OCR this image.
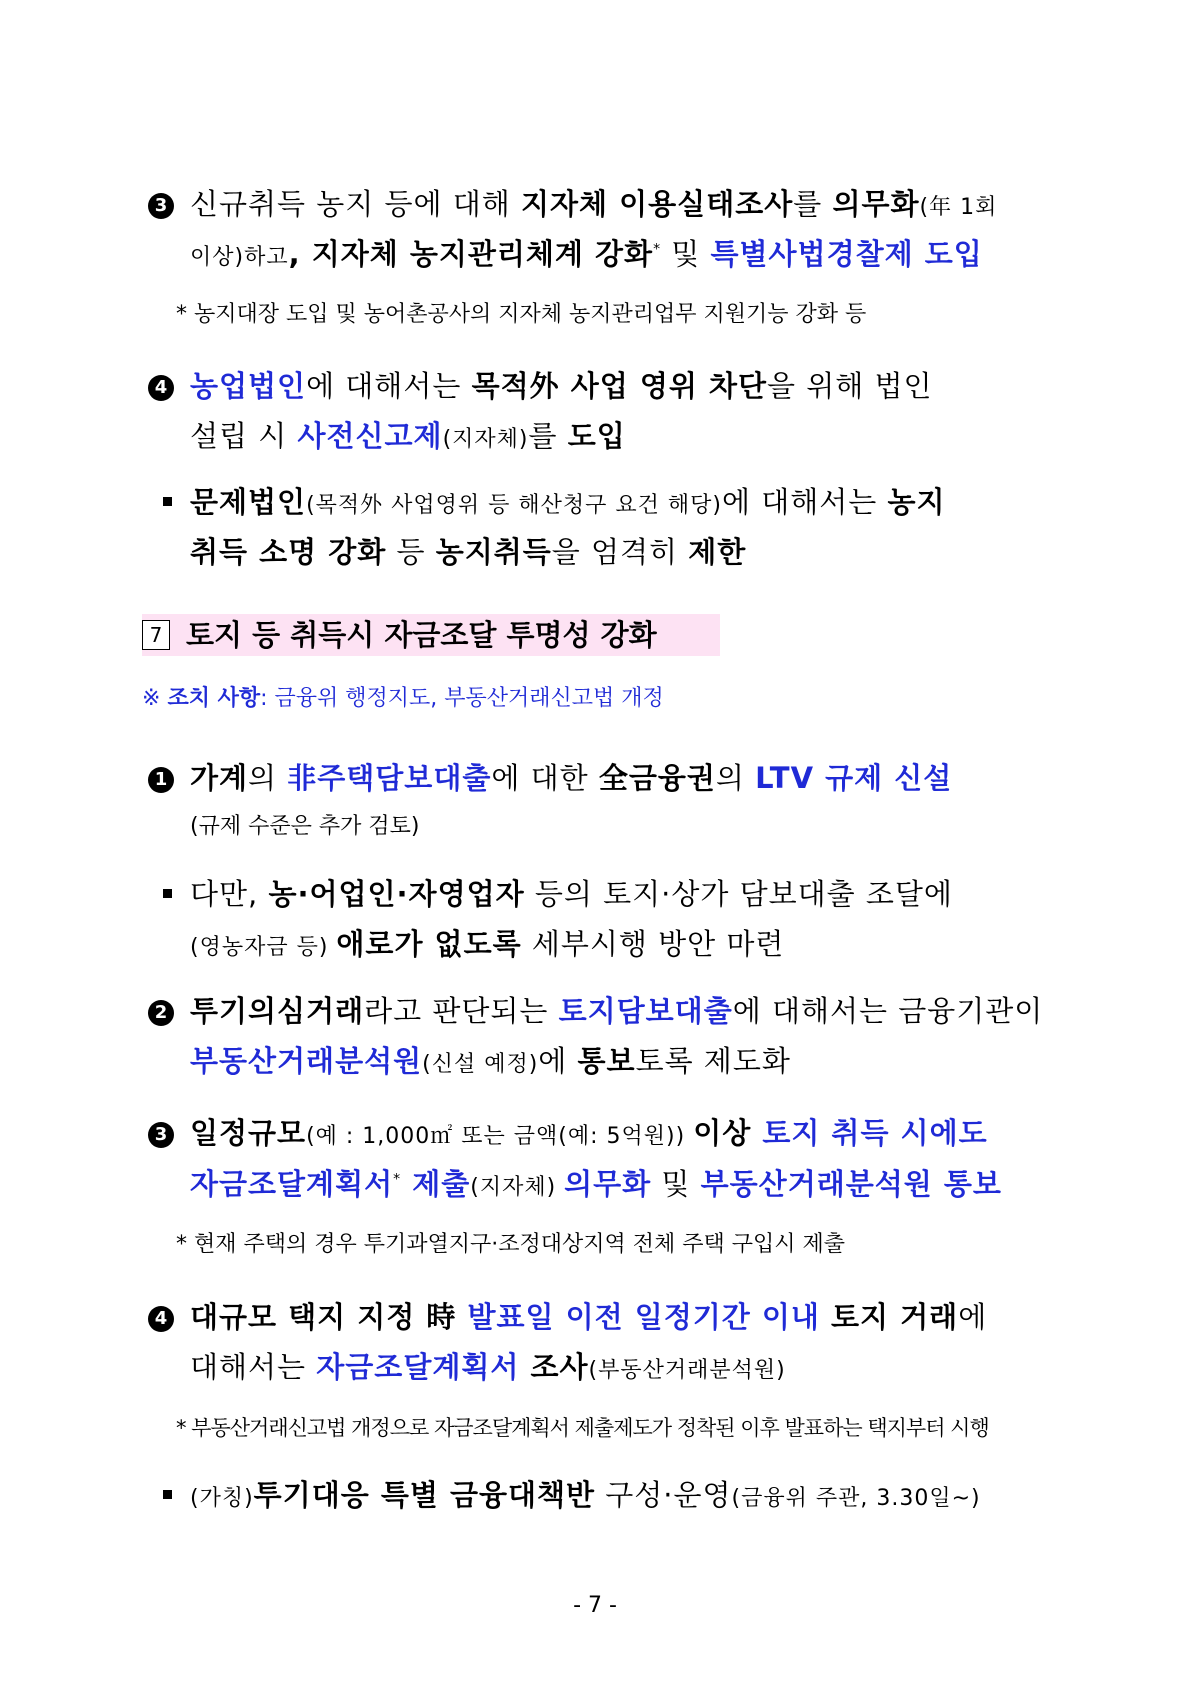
3 신규취득 농지 등에 대해 지자체 이용실태조사를 의무화(年 1회
이상)하고, 지자체 농지관리체계 강화* 및 특별사법경찰제 도입
* 농지대장 도입 및 농어촌공사의 지자체 농지관리업무 지원기능 강화 등
4 농업법인에 대해서는 목적外 사업 영위 차단을 위해 법인
설립 시 사전신고제(지자체)를 도입
문제법인(목적外 사업영위 등 해산청구 요건 해당)에 대해서는 농지
취득 소명 강화 등 농지취득을 엄격히 제한
7 토지 등 취득시 자금조달 투명성 강화
※ 조치 사항: 금융위 행정지도, 부동산거래신고법 개정
1 가계의 非주택담보대출에 대한 全금융권의 LTV 규제 신설
(규제 수준은 추가 검토)
다만, 농·어업인·자영업자 등의 토지·상가 담보대출 조달에
(영농자금 등) 애로가 없도록 세부시행 방안 마련
2 투기의심거래라고 판단되는 토지담보대출에 대해서는 금융기관이
부동산거래분석원(신설 예정)에 통보토록 제도화
3 일정규모(예 : 1,000㎡ 또는 금액(예: 5억원)) 이상 토지 취득 시에도
자금조달계획서* 제출(지자체) 의무화 및 부동산거래분석원 통보
* 현재 주택의 경우 투기과열지구·조정대상지역 전체 주택 구입시 제출
4 대규모 택지 지정 時 발표일 이전 일정기간 이내 토지 거래에
대해서는 자금조달계획서 조사(부동산거래분석원)
* 부동산거래신고법 개정으로 자금조달계획서 제출제도가 정착된 이후 발표하는 택지부터 시행
(가칭)투기대응 특별 금융대책반 구성·운영(금융위 주관, 3.30일~)
- 7 -
